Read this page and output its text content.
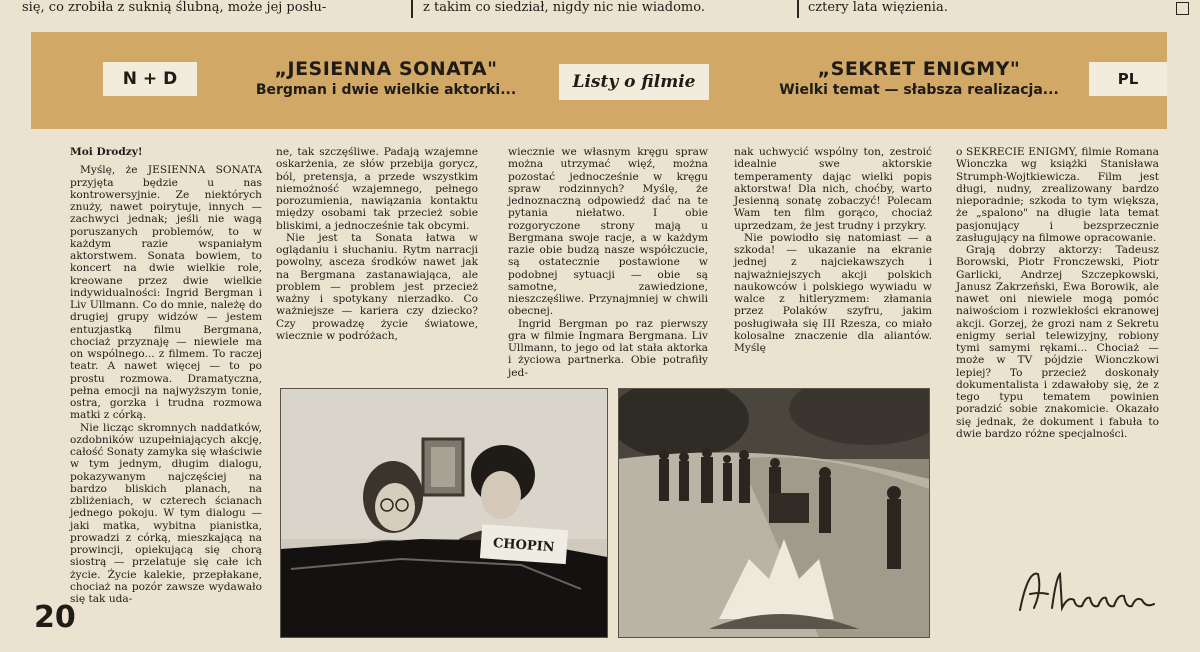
się, co zrobiła z suknią ślubną, może jej posłu-	z takim co siedział, nigdy nic nie wiadomo.	cztery lata więzienia.
N + D	„JESIENNA SONATA"
Bergman i dwie wielkie aktorki...	Listy o filmie
„SEKRET ENIGMY"
Wielki temat — słabsza realizacja...
PL

Moi Drodzy!

Myślę, że JESIENNA SONATA przyjęta będzie u nas kontrowersyjnie. Ze niektórych znuży, nawet poirytuje, innych — zachwyci jednak; jeśli nie wagą poruszanych problemów, to w każdym razie wspaniałym aktorstwem. Sonata bowiem, to koncert na dwie wielkie role, kreowane przez dwie wielkie indywidualności: Ingrid Bergman i Liv Ullmann. Co do mnie, należę do drugiej grupy widzów — jestem entuzjastką filmu Bergmana, chociaż przyznaję — niewiele ma on wspólnego... z filmem. To raczej teatr. A nawet więcej — to po prostu rozmowa. Dramatyczna, pełna emocji na najwyższym tonie, ostra, gorzka i trudna rozmowa matki z córką.

Nie licząc skromnych naddatków, ozdobników uzupełniających akcję, całość Sonaty zamyka się właściwie w tym jednym, długim dialogu, pokazywanym najczęściej na bardzo bliskich planach, na zbliżeniach, w czterech ścianach jednego pokoju. W tym dialogu — jaki matka, wybitna pianistka, prowadzi z córką, mieszkającą na prowincji, opiekującą się chorą siostrą — przelatuje się całe ich życie. Życie kalekie, przepłakane, chociaż na pozór zawsze wydawało się tak uda-

ne, tak szczęśliwe. Padają wzajemne oskarżenia, ze słów przebija gorycz, ból, pretensja, a przede wszystkim niemożność wzajemnego, pełnego porozumienia, nawiązania kontaktu między osobami tak przecież sobie bliskimi, a jednocześnie tak obcymi.

Nie jest ta Sonata łatwa w oglądaniu i słuchaniu. Rytm narracji powolny, asceza środków nawet jak na Bergmana zastanawiająca, ale problem — problem jest przecież ważny i spotykany nierzadko. Co ważniejsze — kariera czy dziecko? Czy prowadzę życie światowe, wiecznie w podróżach,

wiecznie we własnym kręgu spraw można utrzymać więź, można pozostać jednocześnie w kręgu spraw rodzinnych? Myślę, że jednoznaczną odpowiedź dać na te pytania niełatwo. I obie rozgoryczone strony mają u Bergmana swoje racje, a w każdym razie obie budzą nasze współczucie, są ostatecznie postawione w podobnej sytuacji — obie są samotne, zawiedzione, nieszczęśliwe. Przynajmniej w chwili obecnej.

Ingrid Bergman po raz pierwszy gra w filmie Ingmara Bergmana. Liv Ullmann, to jego od lat stała aktorka i życiowa partnerka. Obie potrafiły jed-

nak uchwycić wspólny ton, zestroić idealnie swe aktorskie temperamenty dając wielki popis aktorstwa! Dla nich, choćby, warto Jesienną sonatę zobaczyć! Polecam Wam ten film gorąco, chociaż uprzedzam, że jest trudny i przykry.

Nie powiodło się natomiast — a szkoda! — ukazanie na ekranie jednej z najciekawszych i najważniejszych akcji polskich naukowców i polskiego wywiadu w walce z hitleryzmem: złamania przez Polaków szyfru, jakim posługiwała się III Rzesza, co miało kolosalne znaczenie dla aliantów. Myślę

o SEKRECIE ENIGMY, filmie Romana Wionczka wg książki Stanisława Strumph-Wojtkiewicza. Film jest długi, nudny, zrealizowany bardzo nieporadnie; szkoda to tym większa, że „spalono" na długie lata temat pasjonujący i bezsprzecznie zasługujący na filmowe opracowanie.

Grają dobrzy aktorzy: Tadeusz Borowski, Piotr Fronczewski, Piotr Garlicki, Andrzej Szczepkowski, Janusz Zakrzeński, Ewa Borowik, ale nawet oni niewiele mogą pomóc naiwościom i rozwlekłości ekranowej akcji. Gorzej, że grozi nam z Sekretu enigmy serial telewizyjny, robiony tymi samymi rękami... Chociaż — może w TV pójdzie Wionczkowi lepiej? To przecież doskonały dokumentalista i zdawałoby się, że z tego typu tematem powinien poradzić sobie znakomicie. Okazało się jednak, że dokument i fabuła to dwie bardzo różne specjalności.

CHOPIN
20
